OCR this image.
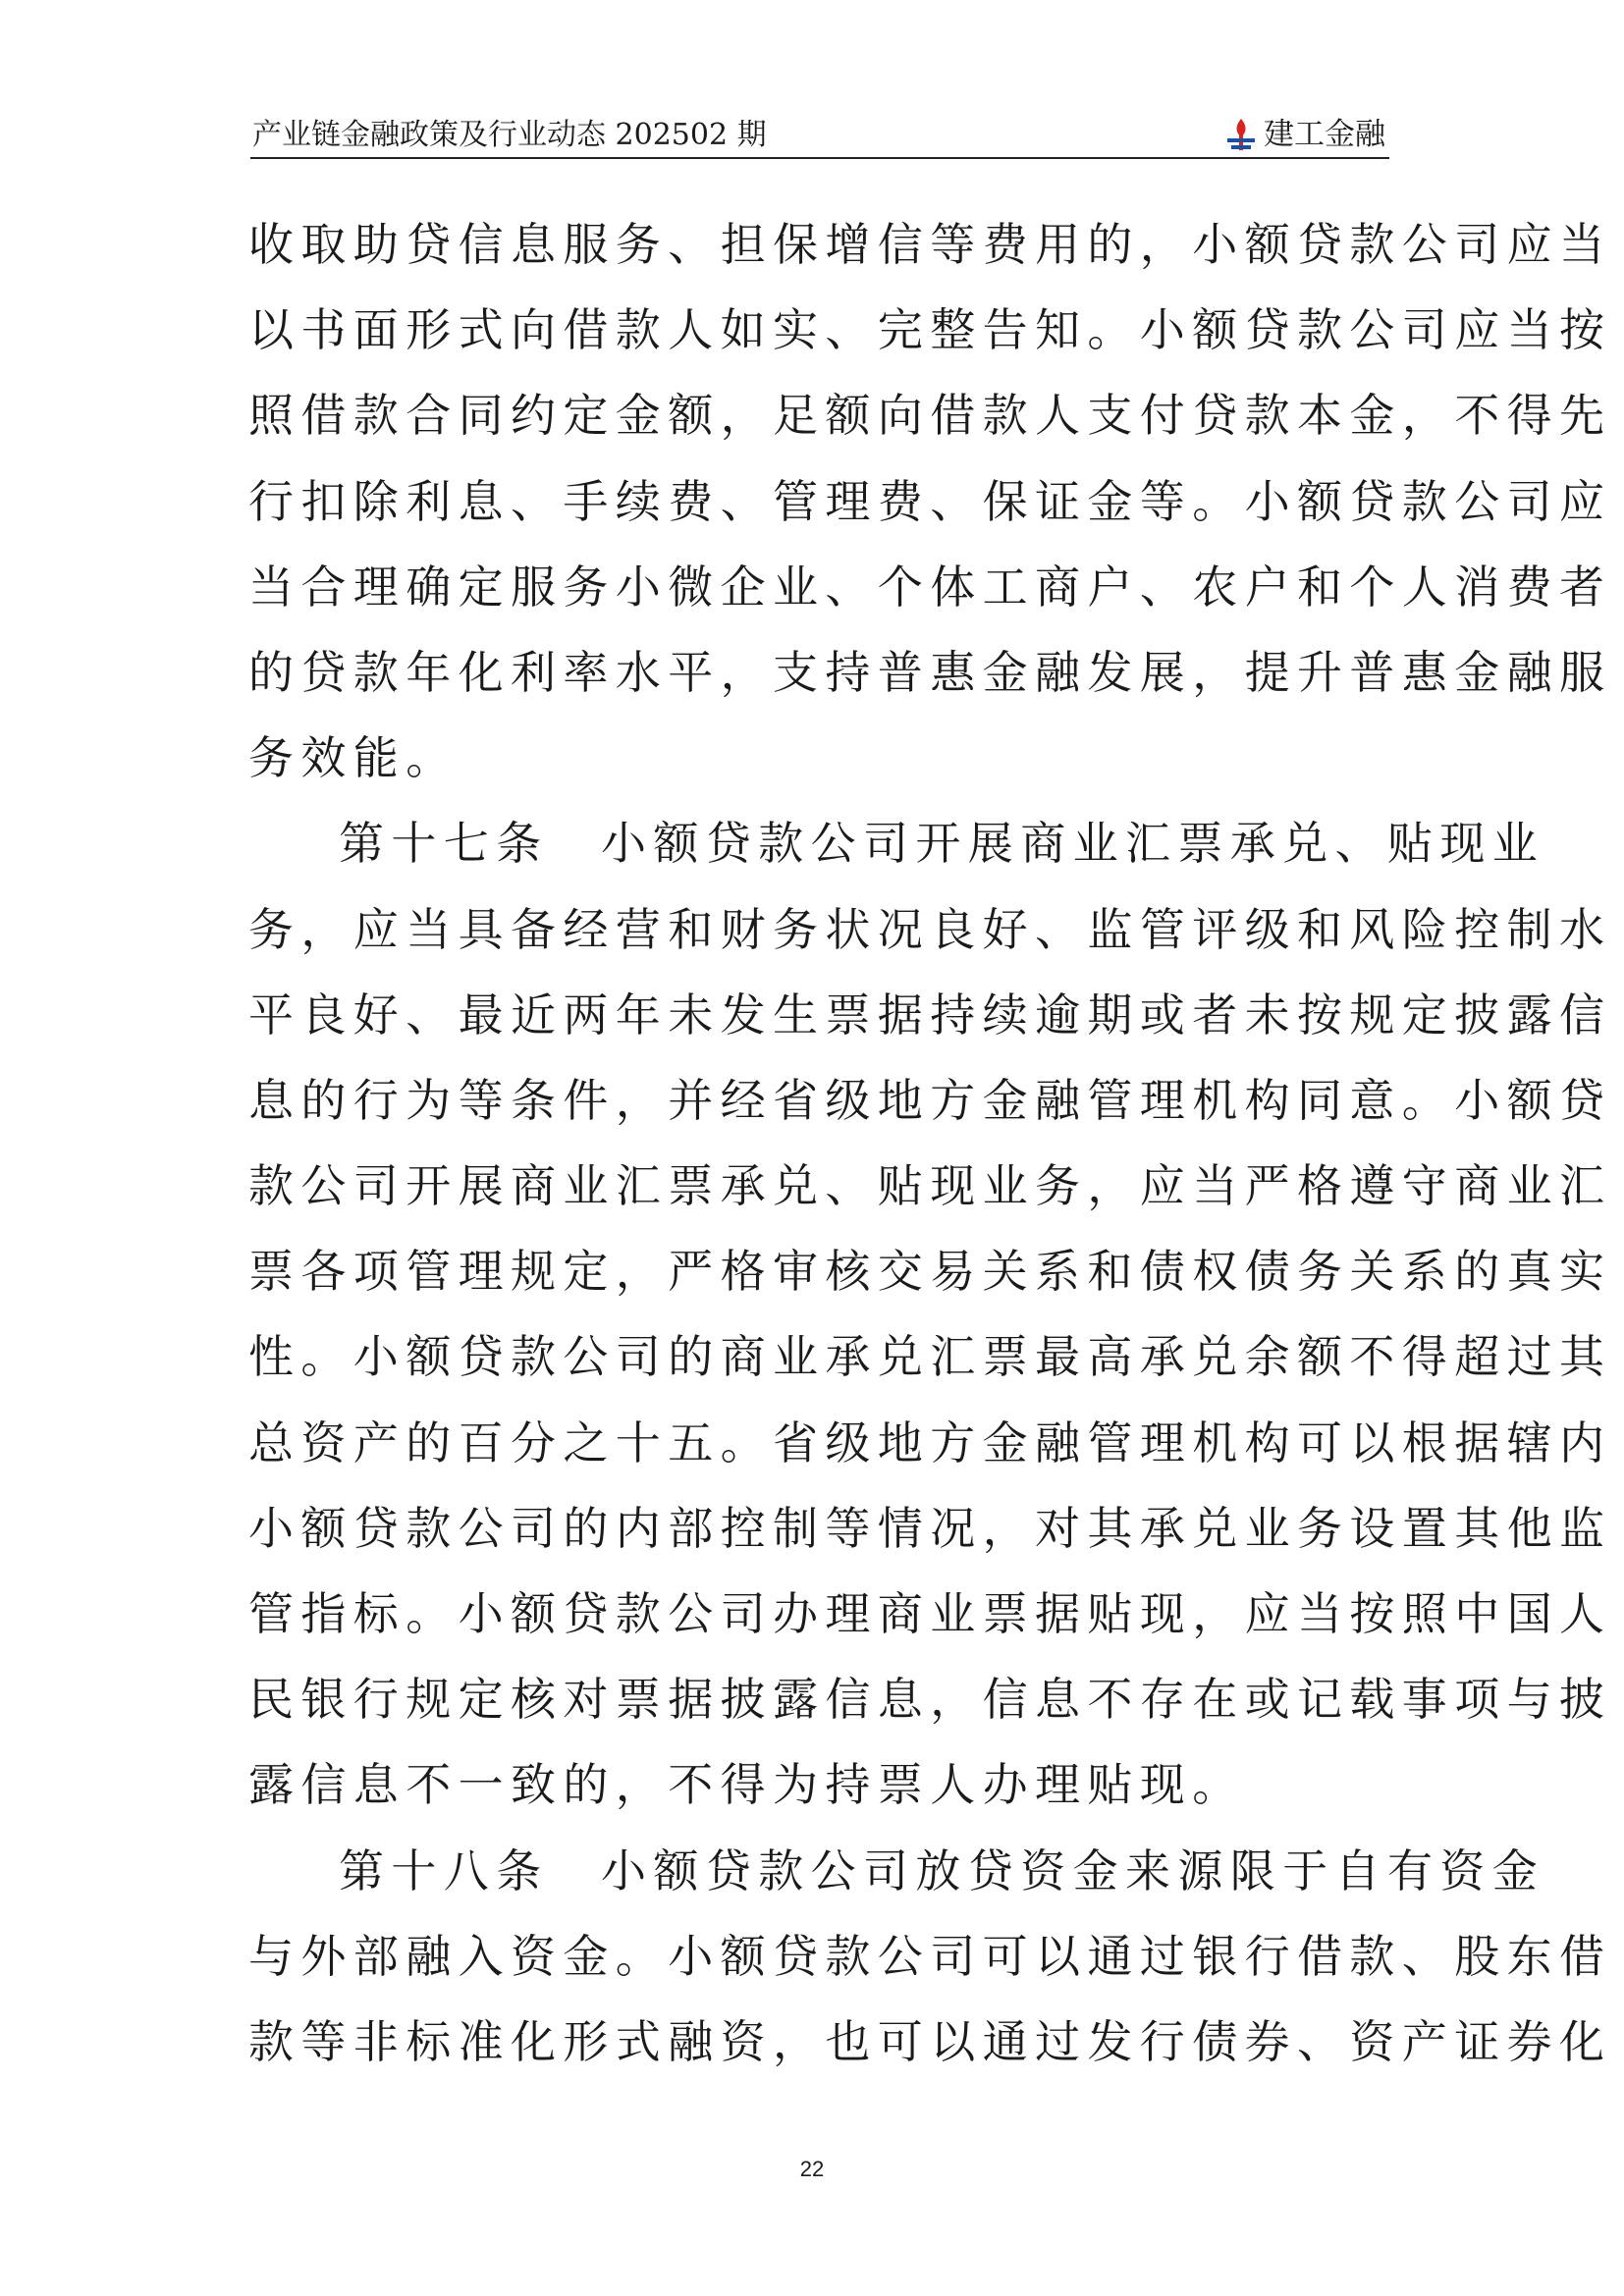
产业链金融政策及行业动态 202502 期	建工金融
收取助贷信息服务、担保增信等费用的，小额贷款公司应当
以书面形式向借款人如实、完整告知。小额贷款公司应当按
照借款合同约定金额，足额向借款人支付贷款本金，不得先
行扣除利息、手续费、管理费、保证金等。小额贷款公司应
当合理确定服务小微企业、个体工商户、农户和个人消费者
的贷款年化利率水平，支持普惠金融发展，提升普惠金融服
务效能。
第十七条　小额贷款公司开展商业汇票承兑、贴现业
务，应当具备经营和财务状况良好、监管评级和风险控制水
平良好、最近两年未发生票据持续逾期或者未按规定披露信
息的行为等条件，并经省级地方金融管理机构同意。小额贷
款公司开展商业汇票承兑、贴现业务，应当严格遵守商业汇
票各项管理规定，严格审核交易关系和债权债务关系的真实
性。小额贷款公司的商业承兑汇票最高承兑余额不得超过其
总资产的百分之十五。省级地方金融管理机构可以根据辖内
小额贷款公司的内部控制等情况，对其承兑业务设置其他监
管指标。小额贷款公司办理商业票据贴现，应当按照中国人
民银行规定核对票据披露信息，信息不存在或记载事项与披
露信息不一致的，不得为持票人办理贴现。
第十八条　小额贷款公司放贷资金来源限于自有资金
与外部融入资金。小额贷款公司可以通过银行借款、股东借
款等非标准化形式融资，也可以通过发行债券、资产证券化
22
